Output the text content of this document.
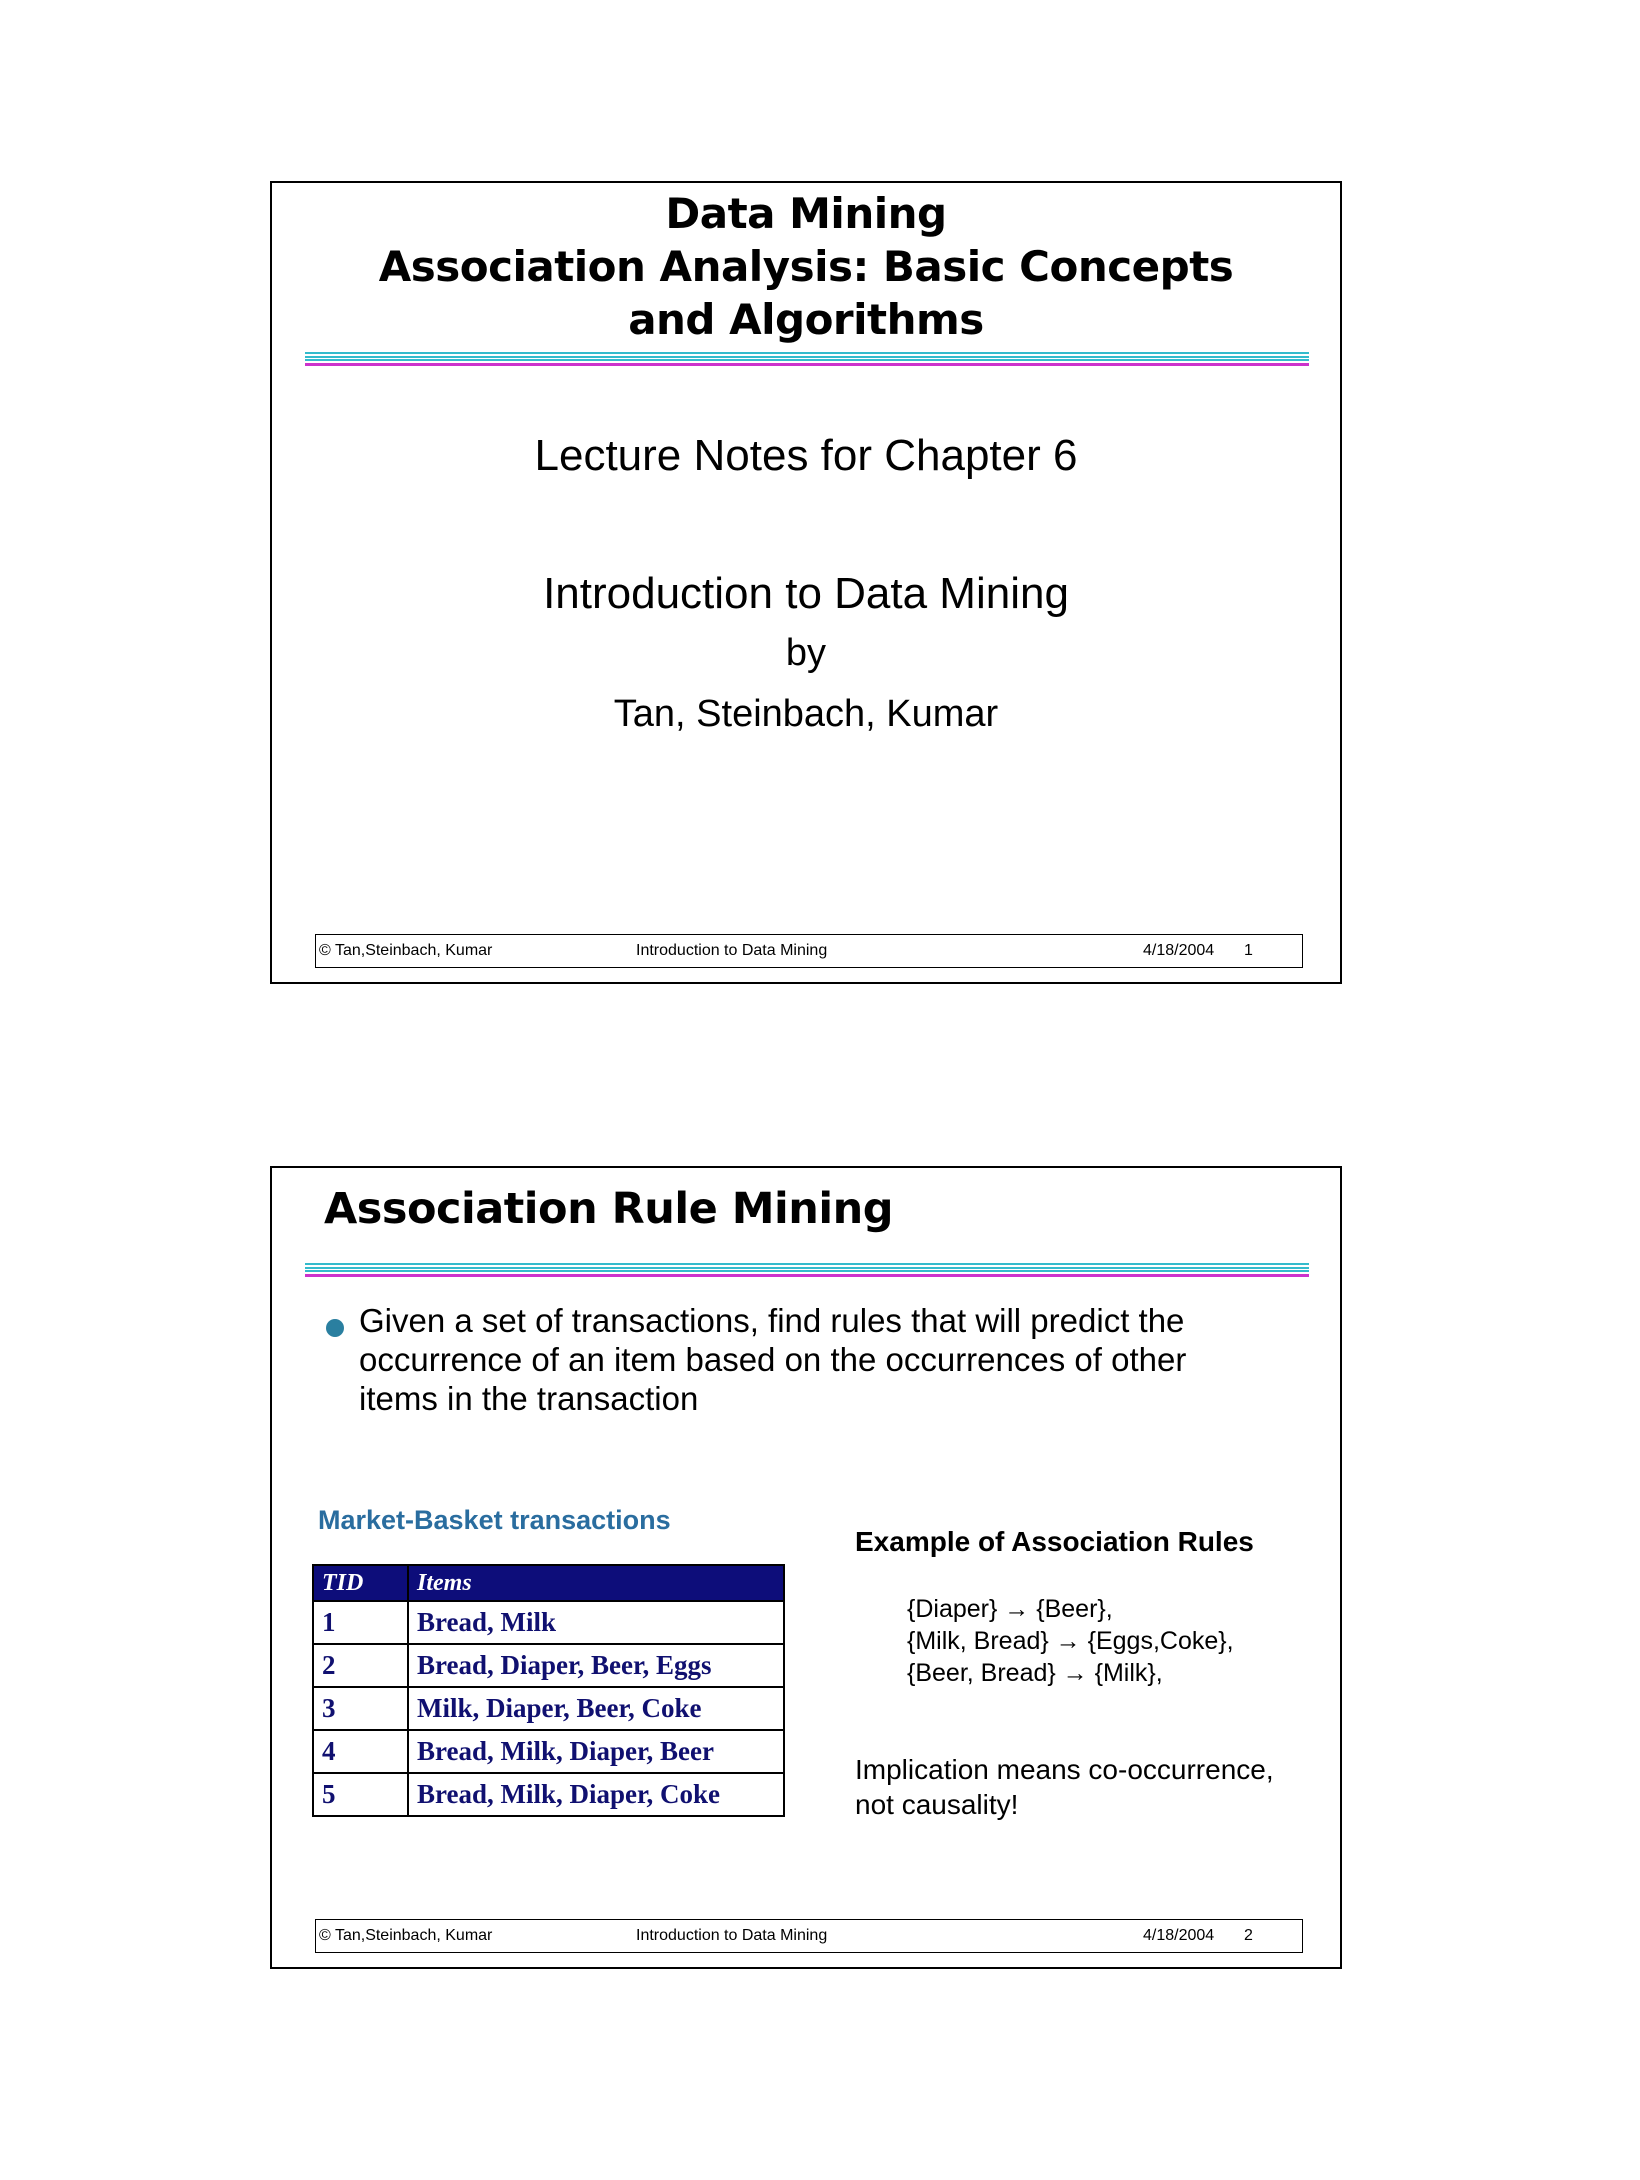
Data Mining
Association Analysis: Basic Concepts
and Algorithms
Lecture Notes for Chapter 6
Introduction to Data Mining
by
Tan, Steinbach, Kumar
© Tan,Steinbach, Kumar	Introduction to Data Mining	4/18/2004 1
Association Rule Mining
Given a set of transactions, find rules that will predict the
occurrence of an item based on the occurrences of other
items in the transaction
Market-Basket transactions
TID	Items
1	Bread, Milk
2	Bread, Diaper, Beer, Eggs
3	Milk, Diaper, Beer, Coke
4	Bread, Milk, Diaper, Beer
5	Bread, Milk, Diaper, Coke
Example of Association Rules
{Diaper} → {Beer},
{Milk, Bread} → {Eggs,Coke},
{Beer, Bread} → {Milk},
Implication means co-occurrence,
not causality!
© Tan,Steinbach, Kumar	Introduction to Data Mining	4/18/2004 2
